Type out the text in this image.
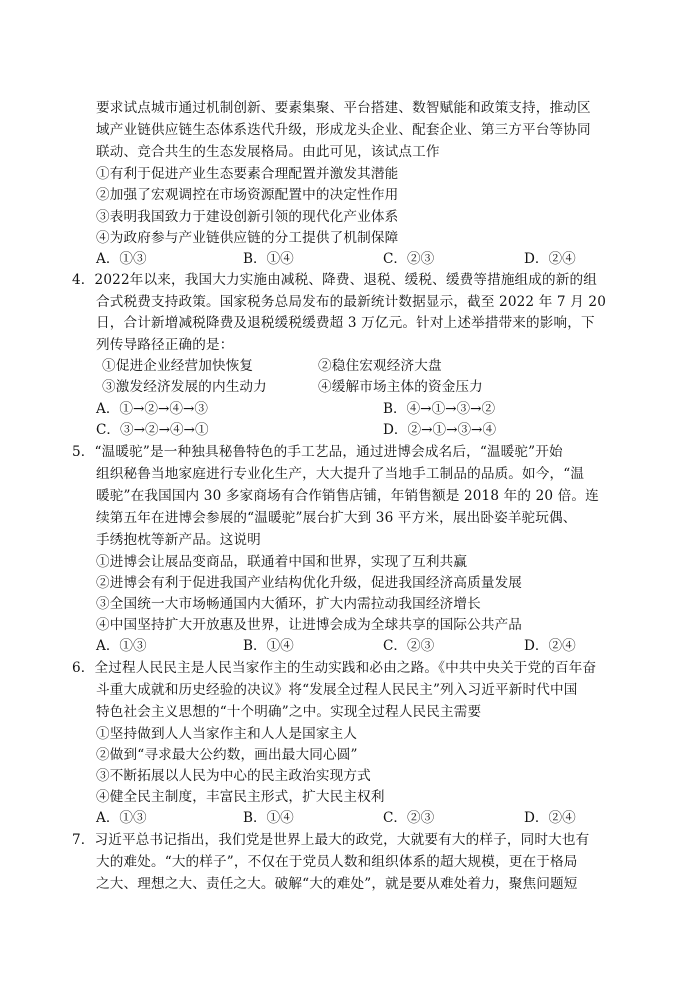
要求试点城市通过机制创新、要素集聚、平台搭建、数智赋能和政策支持，推动区
域产业链供应链生态体系迭代升级，形成龙头企业、配套企业、第三方平台等协同
联动、竞合共生的生态发展格局。由此可见，该试点工作
①有利于促进产业生态要素合理配置并激发其潜能
②加强了宏观调控在市场资源配置中的决定性作用
③表明我国致力于建设创新引领的现代化产业体系
④为政府参与产业链供应链的分工提供了机制保障
A．①③	B．①④	C．②③	D．②④
4．2022年以来，我国大力实施由减税、降费、退税、缓税、缓费等措施组成的新的组
合式税费支持政策。国家税务总局发布的最新统计数据显示，截至 2022 年 7 月 20
日，合计新增减税降费及退税缓税缓费超 3 万亿元。针对上述举措带来的影响，下
列传导路径正确的是：
①促进企业经营加快恢复	②稳住宏观经济大盘
③激发经济发展的内生动力	④缓解市场主体的资金压力
A．①→②→④→③	B．④→①→③→②
C．③→②→④→①	D．②→①→③→④
5．“温暖驼”是一种独具秘鲁特色的手工艺品，通过进博会成名后，“温暖驼”开始
组织秘鲁当地家庭进行专业化生产，大大提升了当地手工制品的品质。如今，“温
暖驼”在我国国内 30 多家商场有合作销售店铺，年销售额是 2018 年的 20 倍。连
续第五年在进博会参展的“温暖驼”展台扩大到 36 平方米，展出卧姿羊驼玩偶、
手绣抱枕等新产品。这说明
①进博会让展品变商品，联通着中国和世界，实现了互利共赢
②进博会有利于促进我国产业结构优化升级，促进我国经济高质量发展
③全国统一大市场畅通国内大循环，扩大内需拉动我国经济增长
④中国坚持扩大开放惠及世界，让进博会成为全球共享的国际公共产品
A．①③	B．①④	C．②③	D．②④
6．全过程人民民主是人民当家作主的生动实践和必由之路。《中共中央关于党的百年奋
斗重大成就和历史经验的决议》将“发展全过程人民民主”列入习近平新时代中国
特色社会主义思想的“十个明确”之中。实现全过程人民民主需要
①坚持做到人人当家作主和人人是国家主人
②做到“寻求最大公约数，画出最大同心圆”
③不断拓展以人民为中心的民主政治实现方式
④健全民主制度，丰富民主形式，扩大民主权利
A．①③	B．①④	C．②③	D．②④
7．习近平总书记指出，我们党是世界上最大的政党，大就要有大的样子，同时大也有
大的难处。“大的样子”，不仅在于党员人数和组织体系的超大规模，更在于格局
之大、理想之大、责任之大。破解“大的难处”，就是要从难处着力，聚焦问题短
